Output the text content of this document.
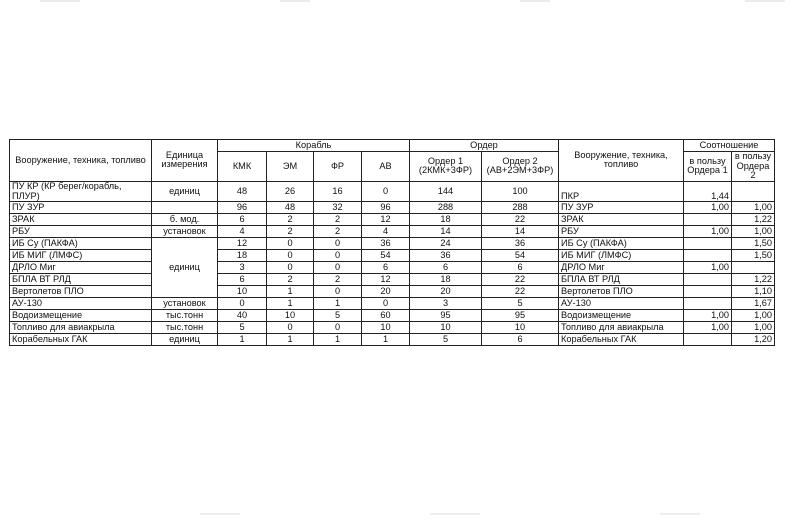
Вооружение, техника, топливо	Единица измерения	Корабль				Ордер		Вооружение, техника, топливо	Соотношение	
		КМК	ЭМ	ФР	АВ	Ордер 1 (2КМК+3ФР)	Ордер 2 (АВ+2ЭМ+3ФР)		в пользу Ордера 1	в пользу Ордера 2
ПУ КР (КР берег/корабль, ПЛУР)	единиц	48	26	16	0	144	100	ПКР	1,44	
ПУ ЗУР		96	48	32	96	288	288	ПУ ЗУР	1,00	1,00
ЗРАК	б. мод.	6	2	2	12	18	22	ЗРАК		1,22
РБУ	установок	4	2	2	4	14	14	РБУ	1,00	1,00
ИБ Су (ПАКФА)	единиц	12	0	0	36	24	36	ИБ Су (ПАКФА)		1,50
ИБ МИГ (ЛМФС)		18	0	0	54	36	54	ИБ МИГ (ЛМФС)		1,50
ДРЛО Миг		3	0	0	6	6	6	ДРЛО Миг	1,00	
БПЛА ВТ РЛД		6	2	2	12	18	22	БПЛА ВТ РЛД		1,22
Вертолетов ПЛО		10	1	0	20	20	22	Вертолетов ПЛО		1,10
АУ-130	установок	0	1	1	0	3	5	АУ-130		1,67
Водоизмещение	тыс.тонн	40	10	5	60	95	95	Водоизмещение	1,00	1,00
Топливо для авиакрыла	тыс.тонн	5	0	0	10	10	10	Топливо для авиакрыла	1,00	1,00
Корабельных ГАК	единиц	1	1	1	1	5	6	Корабельных ГАК		1,20
